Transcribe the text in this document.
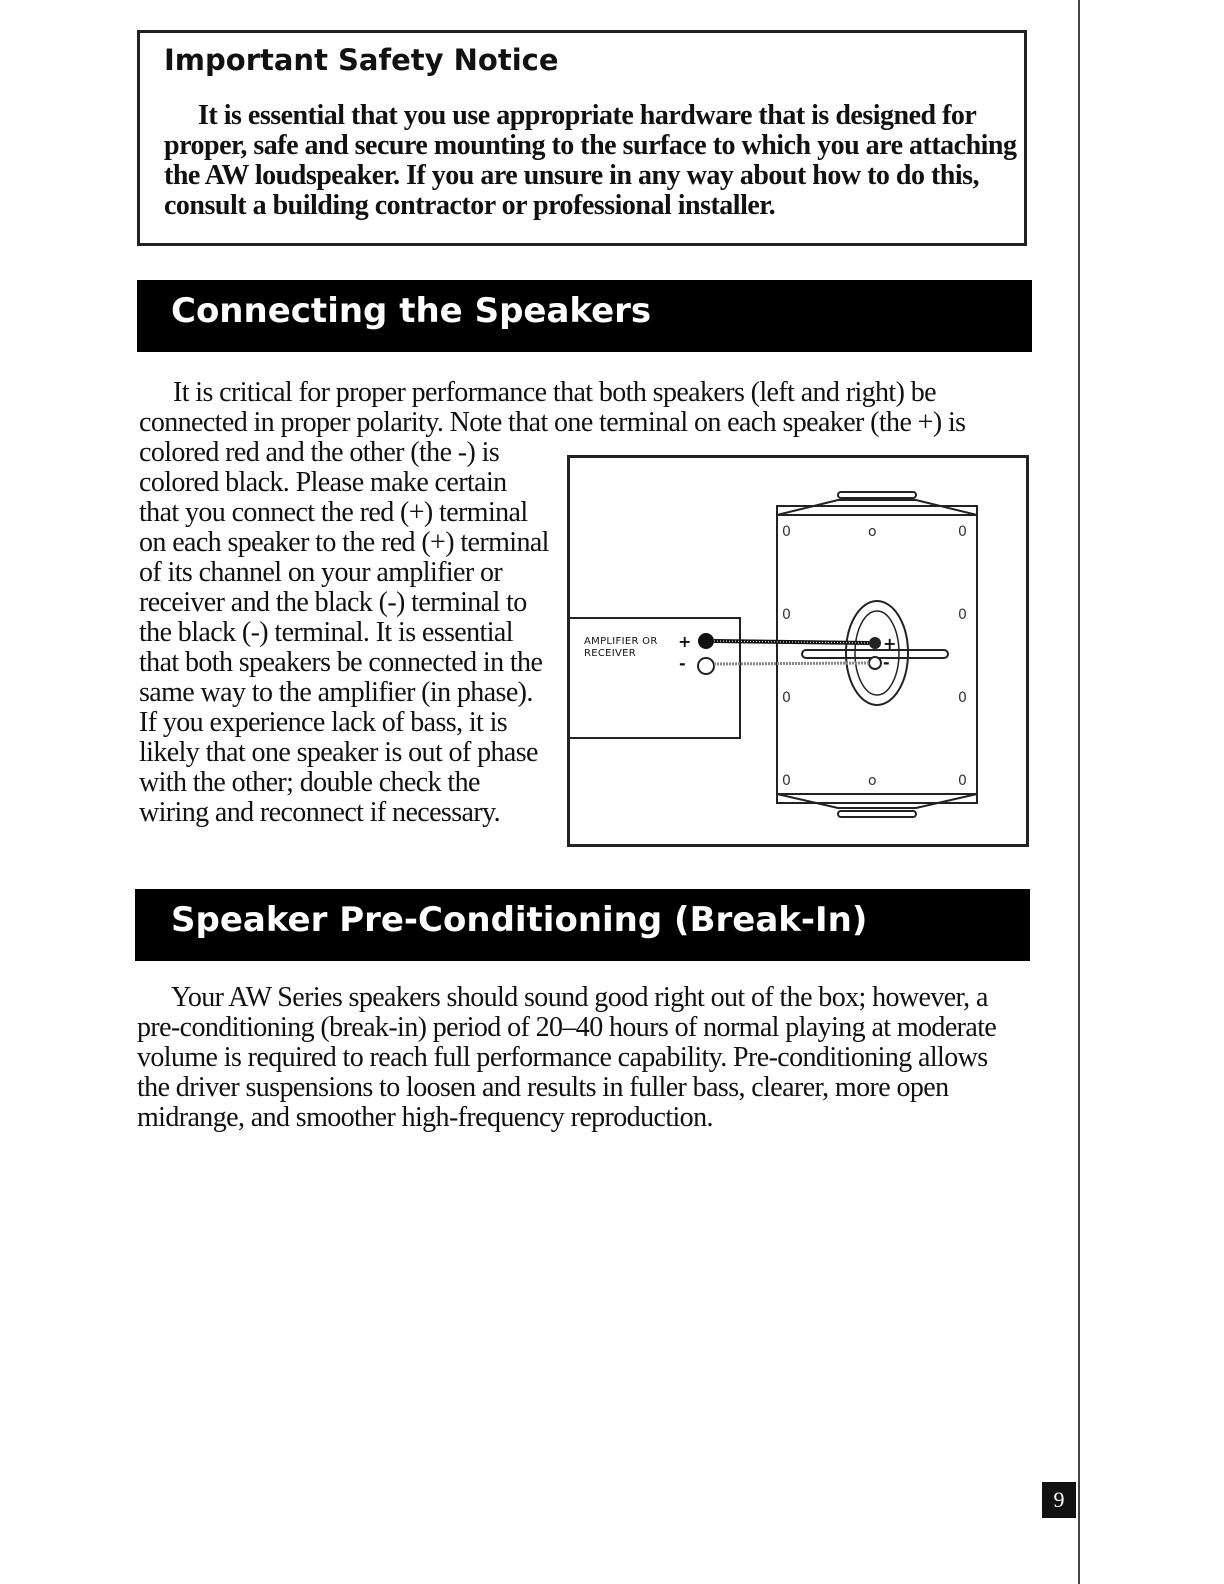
Important Safety Notice
It is essential that you use appropriate hardware that is designed for
proper, safe and secure mounting to the surface to which you are attaching
the AW loudspeaker. If you are unsure in any way about how to do this,
consult a building contractor or professional installer.
Connecting the Speakers
It is critical for proper performance that both speakers (left and right) be
connected in proper polarity. Note that one terminal on each speaker (the +) is
colored red and the other (the -) is
colored black. Please make certain
that you connect the red (+) terminal
on each speaker to the red (+) terminal
of its channel on your amplifier or
receiver and the black (-) terminal to
the black (-) terminal. It is essential
that both speakers be connected in the
same way to the amplifier (in phase).
If you experience lack of bass, it is
likely that one speaker is out of phase
with the other; double check the
wiring and reconnect if necessary.
0	o	0
0	0
0	0
0	o	0
AMPLIFIER OR
RECEIVER
+
-
+
-
Speaker Pre-Conditioning (Break-In)
Your AW Series speakers should sound good right out of the box; however, a
pre-conditioning (break-in) period of 20–40 hours of normal playing at moderate
volume is required to reach full performance capability. Pre-conditioning allows
the driver suspensions to loosen and results in fuller bass, clearer, more open
midrange, and smoother high-frequency reproduction.
9
